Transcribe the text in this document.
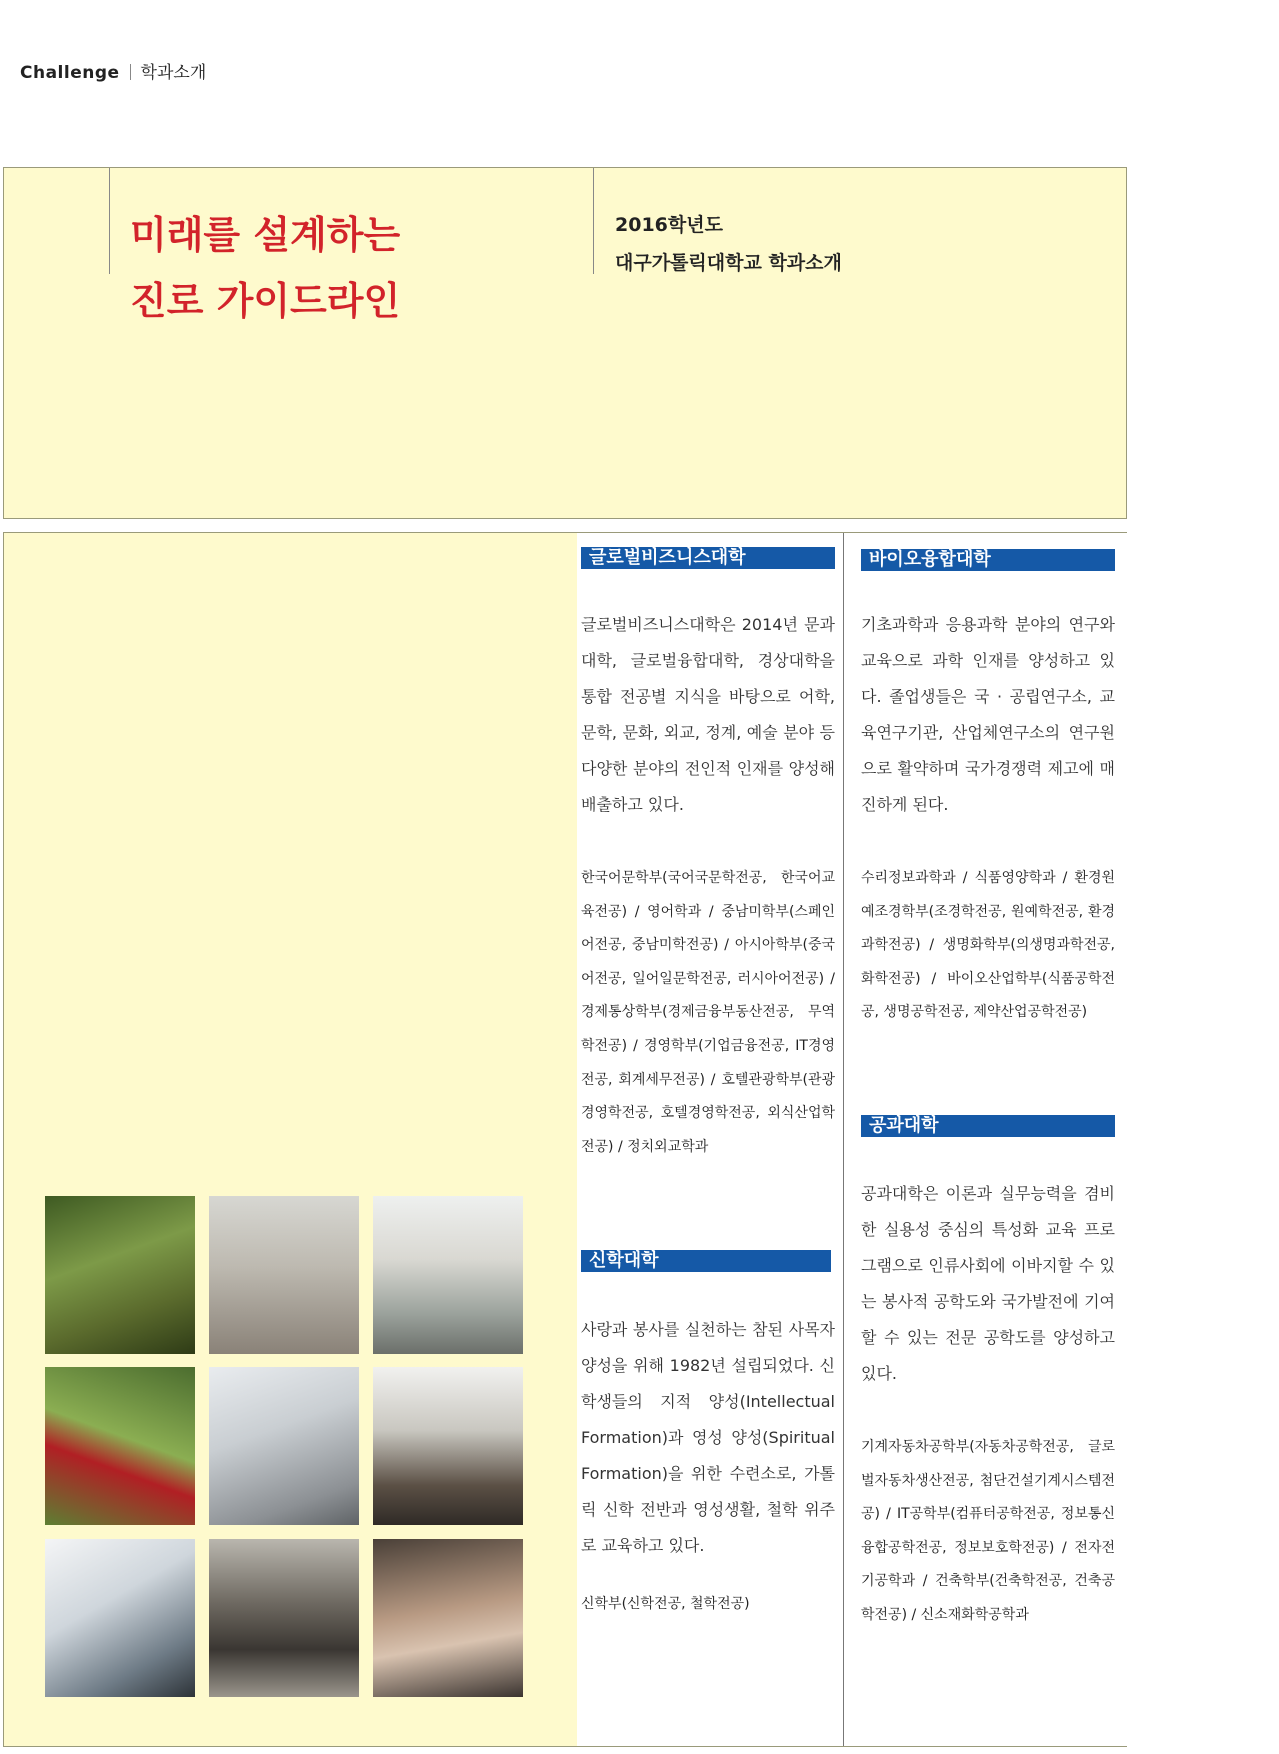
Challenge 학과소개
미래를 설계하는
진로 가이드라인
2016학년도
대구가톨릭대학교 학과소개
글로벌비즈니스대학
글로벌비즈니스대학은 2014년 문과대학, 글로벌융합대학, 경상대학을 통합 전공별 지식을 바탕으로 어학, 문학, 문화, 외교, 정계, 예술 분야 등 다양한 분야의 전인적 인재를 양성해 배출하고 있다.
한국어문학부(국어국문학전공, 한국어교육전공) / 영어학과 / 중남미학부(스페인어전공, 중남미학전공) / 아시아학부(중국어전공, 일어일문학전공, 러시아어전공) / 경제통상학부(경제금융부동산전공, 무역학전공) / 경영학부(기업금융전공, IT경영전공, 회계세무전공) / 호텔관광학부(관광경영학전공, 호텔경영학전공, 외식산업학전공) / 정치외교학과
신학대학
사랑과 봉사를 실천하는 참된 사목자 양성을 위해 1982년 설립되었다. 신학생들의 지적 양성(Intellectual Formation)과 영성 양성(Spiritual Formation)을 위한 수련소로, 가톨릭 신학 전반과 영성생활, 철학 위주로 교육하고 있다.
신학부(신학전공, 철학전공)
바이오융합대학
기초과학과 응용과학 분야의 연구와 교육으로 과학 인재를 양성하고 있다. 졸업생들은 국 · 공립연구소, 교육연구기관, 산업체연구소의 연구원으로 활약하며 국가경쟁력 제고에 매진하게 된다.
수리정보과학과 / 식품영양학과 / 환경원예조경학부(조경학전공, 원예학전공, 환경과학전공) / 생명화학부(의생명과학전공, 화학전공) / 바이오산업학부(식품공학전공, 생명공학전공, 제약산업공학전공)
공과대학
공과대학은 이론과 실무능력을 겸비한 실용성 중심의 특성화 교육 프로그램으로 인류사회에 이바지할 수 있는 봉사적 공학도와 국가발전에 기여할 수 있는 전문 공학도를 양성하고 있다.
기계자동차공학부(자동차공학전공, 글로벌자동차생산전공, 첨단건설기계시스템전공) / IT공학부(컴퓨터공학전공, 정보통신융합공학전공, 정보보호학전공) / 전자전기공학과 / 건축학부(건축학전공, 건축공학전공) / 신소재화학공학과
